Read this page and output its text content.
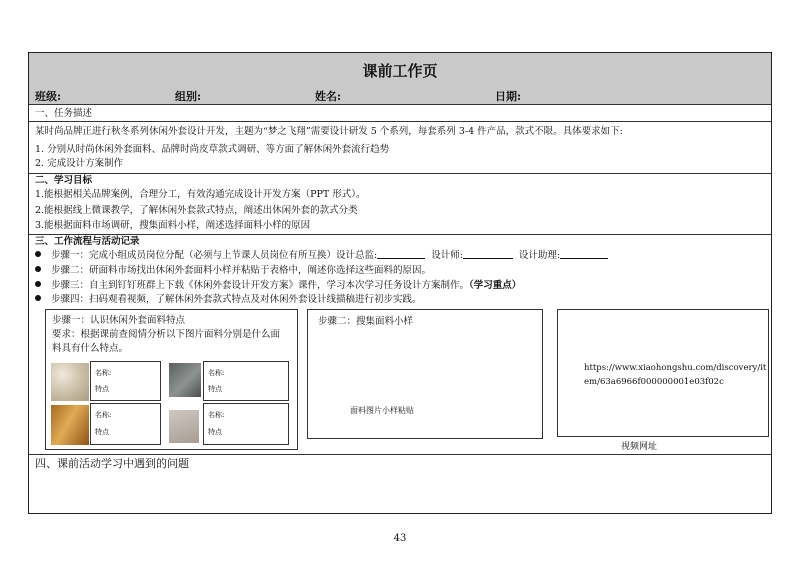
课前工作页
班级:	组别:	姓名:	日期:
一、任务描述
某时尚品牌正进行秋冬系列休闲外套设计开发，主题为“梦之飞翔”需要设计研发 5 个系列，每套系列 3-4 件产品，款式不限。具体要求如下:
1. 分别从时尚休闲外套面料、品牌时尚皮草款式调研、等方面了解休闲外套流行趋势
2. 完成设计方案制作
二、学习目标
1.能根据相关品牌案例，合理分工，有效沟通完成设计开发方案（PPT 形式）。
2.能根据线上微课教学，了解休闲外套款式特点，阐述出休闲外套的款式分类
3.能根据面料市场调研，搜集面料小样，阐述选择面料小样的原因
三、工作流程与活动记录
步骤一：完成小组成员岗位分配（必须与上节课人员岗位有所互换）设计总监:	设计师:	设计助理:
步骤二：研面料市场找出休闲外套面料小样并粘贴于表格中，阐述你选择这些面料的原因。
步骤三：自主到钉钉班群上下载《休闲外套设计开发方案》课件，学习本次学习任务设计方案制作。（学习重点）
步骤四：扫码观看视频，了解休闲外套款式特点及对休闲外套设计线描稿进行初步实践。
步骤一：认识休闲外套面料特点
要求：根据课前查阅情分析以下图片面料分别是什么面
料具有什么特点。
名称:
特点
名称:
特点
名称:
特点
名称:
特点
步骤二：搜集面料小样
面料图片小样粘贴
https://www.xiaohongshu.com/discovery/it
em/63a6966f000000001e03f02c
视频网址
四、课前活动学习中遇到的问题
43
